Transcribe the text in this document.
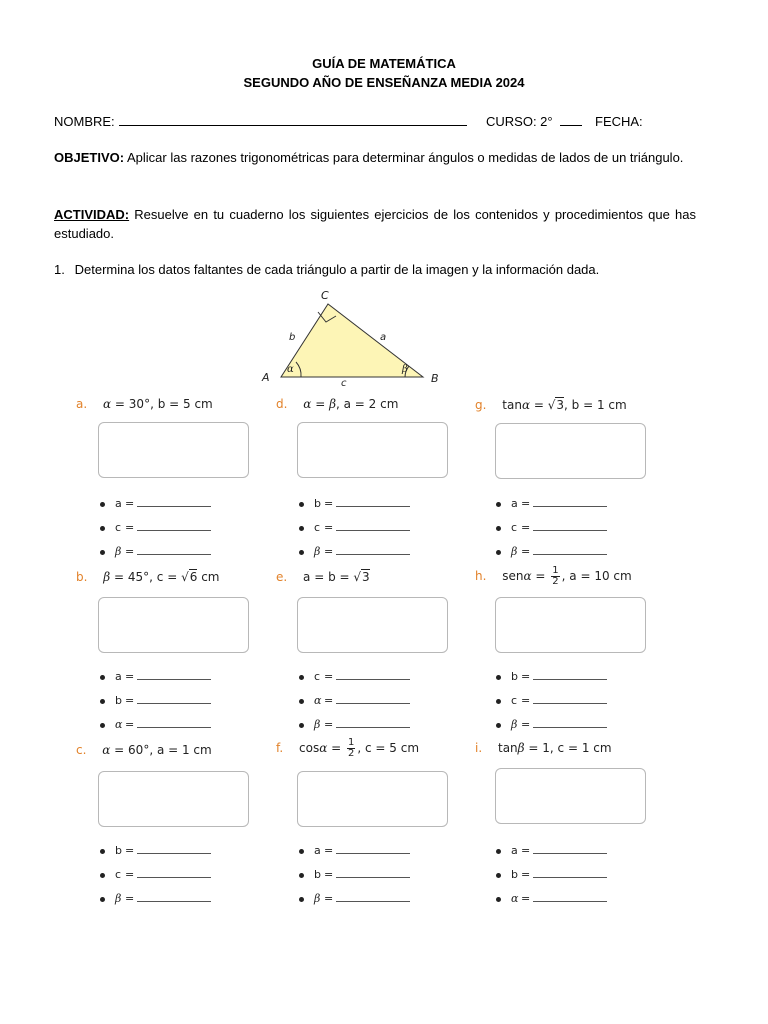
GUÍA DE MATEMÁTICA
SEGUNDO AÑO DE ENSEÑANZA MEDIA 2024
NOMBRE:	CURSO: 2°	FECHA:
OBJETIVO: Aplicar las razones trigonométricas para determinar ángulos o medidas de lados de un triángulo.
ACTIVIDAD: Resuelve en tu cuaderno los siguientes ejercicios de los contenidos y procedimientos que has estudiado.
1. Determina los datos faltantes de cada triángulo a partir de la imagen y la información dada.
C
A	B
b	a
c
α	β
a. α = 30°, b = 5 cm	d. α = β, a = 2 cm	g. tanα = √3, b = 1 cm
b. β = 45°, c = √6 cm	e. a = b = √3	h. $sen\alpha = \frac{1}{2}$ , a = 10 cm
c. α = 60°, a = 1 cm	f. $\cos\alpha = \frac{1}{2}$ , c = 5 cm	i. tanβ = 1, c = 1 cm
a =
c =
β =
b =
c =
β =
a =
c =
β =
a =
b =
α =
c =
α =
β =
b =
c =
β =
b =
c =
β =
a =
b =
β =
a =
b =
α =
